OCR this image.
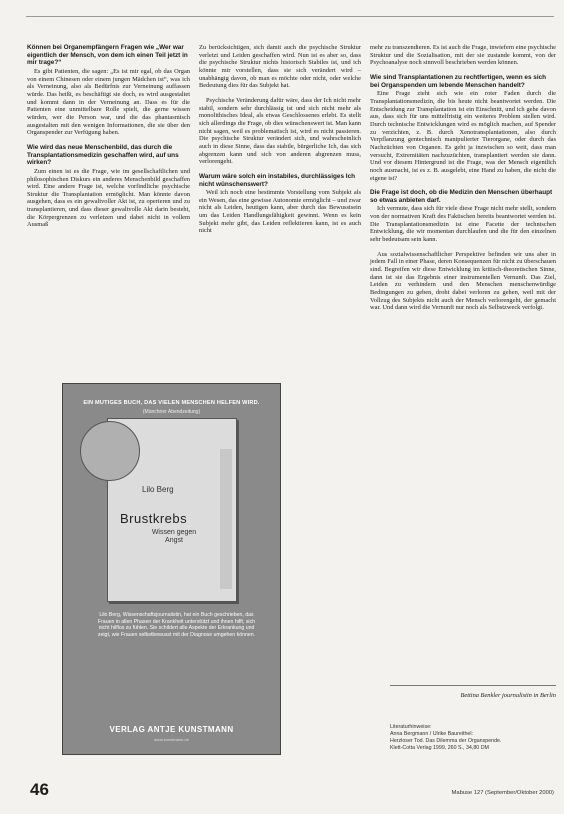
Können bei Organempfängern Fragen wie „Wer war eigentlich der Mensch, von dem ich einen Teil jetzt in mir trage?“

Es gibt Patienten, die sagen: „Es ist mir egal, ob das Organ von einem Chinesen oder einem jungen Mädchen ist“, was ich als Verneinung, also als Bedürfnis zur Verneinung auffassen würde. Das heißt, es beschäftigt sie doch, es wird ausgestaltet und kommt dann in der Verneinung an. Dass es für die Patienten eine unmittelbare Rolle spielt, die gerne wissen würden, wer die Person war, und die das phantasmisch ausgestalten mit den wenigen Informationen, die sie über den Organspender zur Verfügung haben.

Wie wird das neue Menschenbild, das durch die Transplantationsmedizin geschaffen wird, auf uns wirken?

Zum einen ist es die Frage, wie im gesellschaftlichen und philosophischen Diskurs ein anderes Menschenbild geschaffen wird. Eine andere Frage ist, welche vorfindliche psychische Struktur die Transplantation ermöglicht. Man könnte davon ausgehen, dass es ein gewaltvoller Akt ist, zu operieren und zu transplantieren, und dass dieser gewaltvolle Akt darin besteht, die Körpergrenzen zu verletzen und dabei nicht in vollem Ausmaß

Zu berücksichtigen, sich damit auch die psychische Struktur verletzt und Leiden geschaffen wird. Nun ist es aber so, dass die psychische Struktur nichts historisch Stabiles ist, und ich könnte mir vorstellen, dass sie sich verändert wird – unabhängig davon, ob man es möchte oder nicht, oder welche Bedeutung dies für das Subjekt hat.

Psychische Veränderung dafür wäre, dass der Ich nicht mehr stabil, sondern sehr durchlässig ist und sich nicht mehr als monolithisches Ideal, als etwas Geschlossenes erlebt. Es stellt sich allerdings die Frage, ob dies wünschenswert ist. Man kann nicht sagen, weil es problematisch ist, wird es nicht passieren. Die psychische Struktur verändert sich, und wahrscheinlich auch in diese Sinne, dass das stabile, bürgerliche Ich, das sich abgrenzen kann und sich von anderen abgrenzen muss, verlorengeht.

Warum wäre solch ein instabiles, durchlässiges Ich nicht wünschenswert?

Weil ich noch eine bestimmte Vorstellung vom Subjekt als ein Wesen, das eine gewisse Autonomie ermöglicht – und zwar nicht als Leiden, heutigen kann, aber durch das Bewusstsein um das Leiden Handlungsfähigkeit gewinnt. Wenn es kein Subjekt mehr gibt, das Leiden reflektieren kann, ist es auch nicht

mehr zu transzendieren. Es ist auch die Frage, inwiefern eine psychische Struktur und die Sozialisation, mit der sie zustande kommt, von der Psychoanalyse noch sinnvoll beschrieben werden können.

Wie sind Transplantationen zu rechtfertigen, wenn es sich bei Organspenden um lebende Menschen handelt?

Eine Frage zieht sich wie ein roter Faden durch die Transplantationsmedizin, die bis heute nicht beantwortet werden. Die Entscheidung zur Transplantation ist ein Einschnitt, und ich gehe davon aus, dass sich für uns mittelfristig ein weiteres Problem stellen wird. Durch technische Entwicklungen wird es möglich machen, auf Spender zu verzichten, z. B. durch Xenotransplantationen, also durch Verpflanzung gentechnisch manipulierter Tierorgane, oder durch das Nachzüchten von Organen. Es geht ja inzwischen so weit, dass man versucht, Extremitäten nachzuzüchten, transplantiert werden sie dann. Und vor diesem Hintergrund ist die Frage, was der Mensch eigentlich noch ausmacht, ist es z. B. ausgelebt, eine Hand zu haben, die nicht die eigene ist?

Die Frage ist doch, ob die Medizin den Menschen überhaupt so etwas anbieten darf.

Ich vermute, dass sich für viele diese Frage nicht mehr stellt, sondern von der normativen Kraft des Faktischen bereits beantwortet werden ist. Die Transplantationsmedizin ist eine Facette der technischen Entwicklung, die wir momentan durchlaufen und die für den einzelnen sehr bedeutsam sein kann.

Aus sozialwissenschaftlicher Perspektive befinden wir uns aber in jedem Fall in einer Phase, deren Konsequenzen für nicht zu überschauen sind. Begreifen wir diese Entwicklung im kritisch-theoretischen Sinne, dann ist sie das Ergebnis einer instrumentellen Vernunft. Das Ziel, Leiden zu verhindern und den Menschen menschenwürdige Bedingungen zu geben, droht dabei verloren zu gehen, weil mit der Vollzug des Subjekts nicht auch der Mensch verlorengeht, der gemacht war. Und dann wird die Vernunft nur noch als Selbstzweck verfolgt.

EIN MUTIGES BUCH, DAS VIELEN MENSCHEN HELFEN WIRD.
(Münchner Abendzeitung)
Lilo Berg
Brustkrebs
Wissen gegen Angst
Lilo Berg, Wissenschaftsjournalistin, hat ein Buch geschrieben, das Frauen in allen Phasen der Krankheit unterstützt und ihnen hilft, sich nicht hilflos zu fühlen. Sie schildert alle Aspekte der Erkrankung und zeigt, wie Frauen selbstbewusst mit der Diagnose umgehen können.
VERLAG ANTJE KUNSTMANN
www.kunstmann.de
Bettina Benkler journalistin in Berlin
Literaturhinweise:
Anna Bergmann / Ulrike Baureithel:
Herzloser Tod. Das Dilemma der Organspende.
Klett-Cotta Verlag 1999, 260 S., 34,80 DM
46	Mabuse 127 (September/Oktober 2000)
